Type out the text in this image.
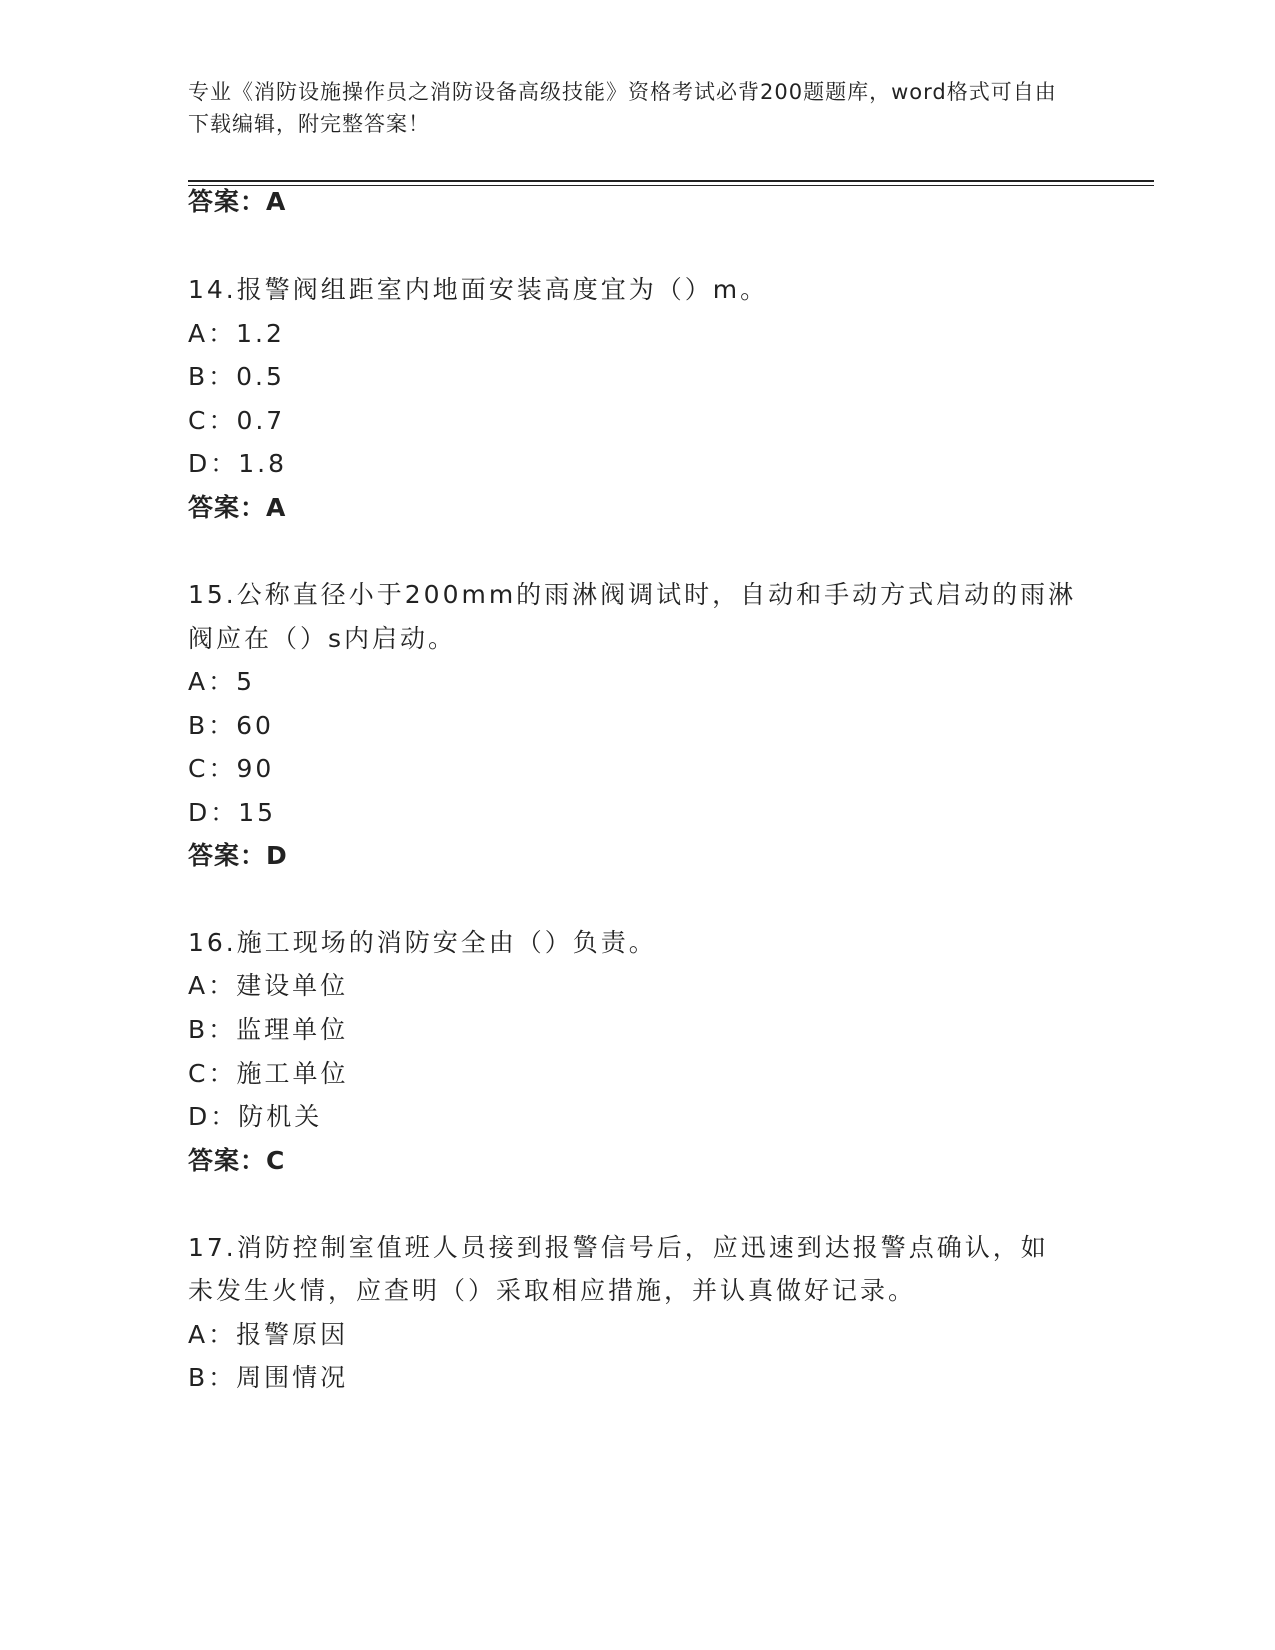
专业《消防设施操作员之消防设备高级技能》资格考试必背200题题库，word格式可自由下载编辑，附完整答案！
答案：A
14.报警阀组距室内地面安装高度宜为（）m。
A：1.2
B：0.5
C：0.7
D：1.8
答案：A
15.公称直径小于200mm的雨淋阀调试时，自动和手动方式启动的雨淋
阀应在（）s内启动。
A：5
B：60
C：90
D：15
答案：D
16.施工现场的消防安全由（）负责。
A：建设单位
B：监理单位
C：施工单位
D：防机关
答案：C
17.消防控制室值班人员接到报警信号后，应迅速到达报警点确认，如
未发生火情，应查明（）采取相应措施，并认真做好记录。
A：报警原因
B：周围情况
